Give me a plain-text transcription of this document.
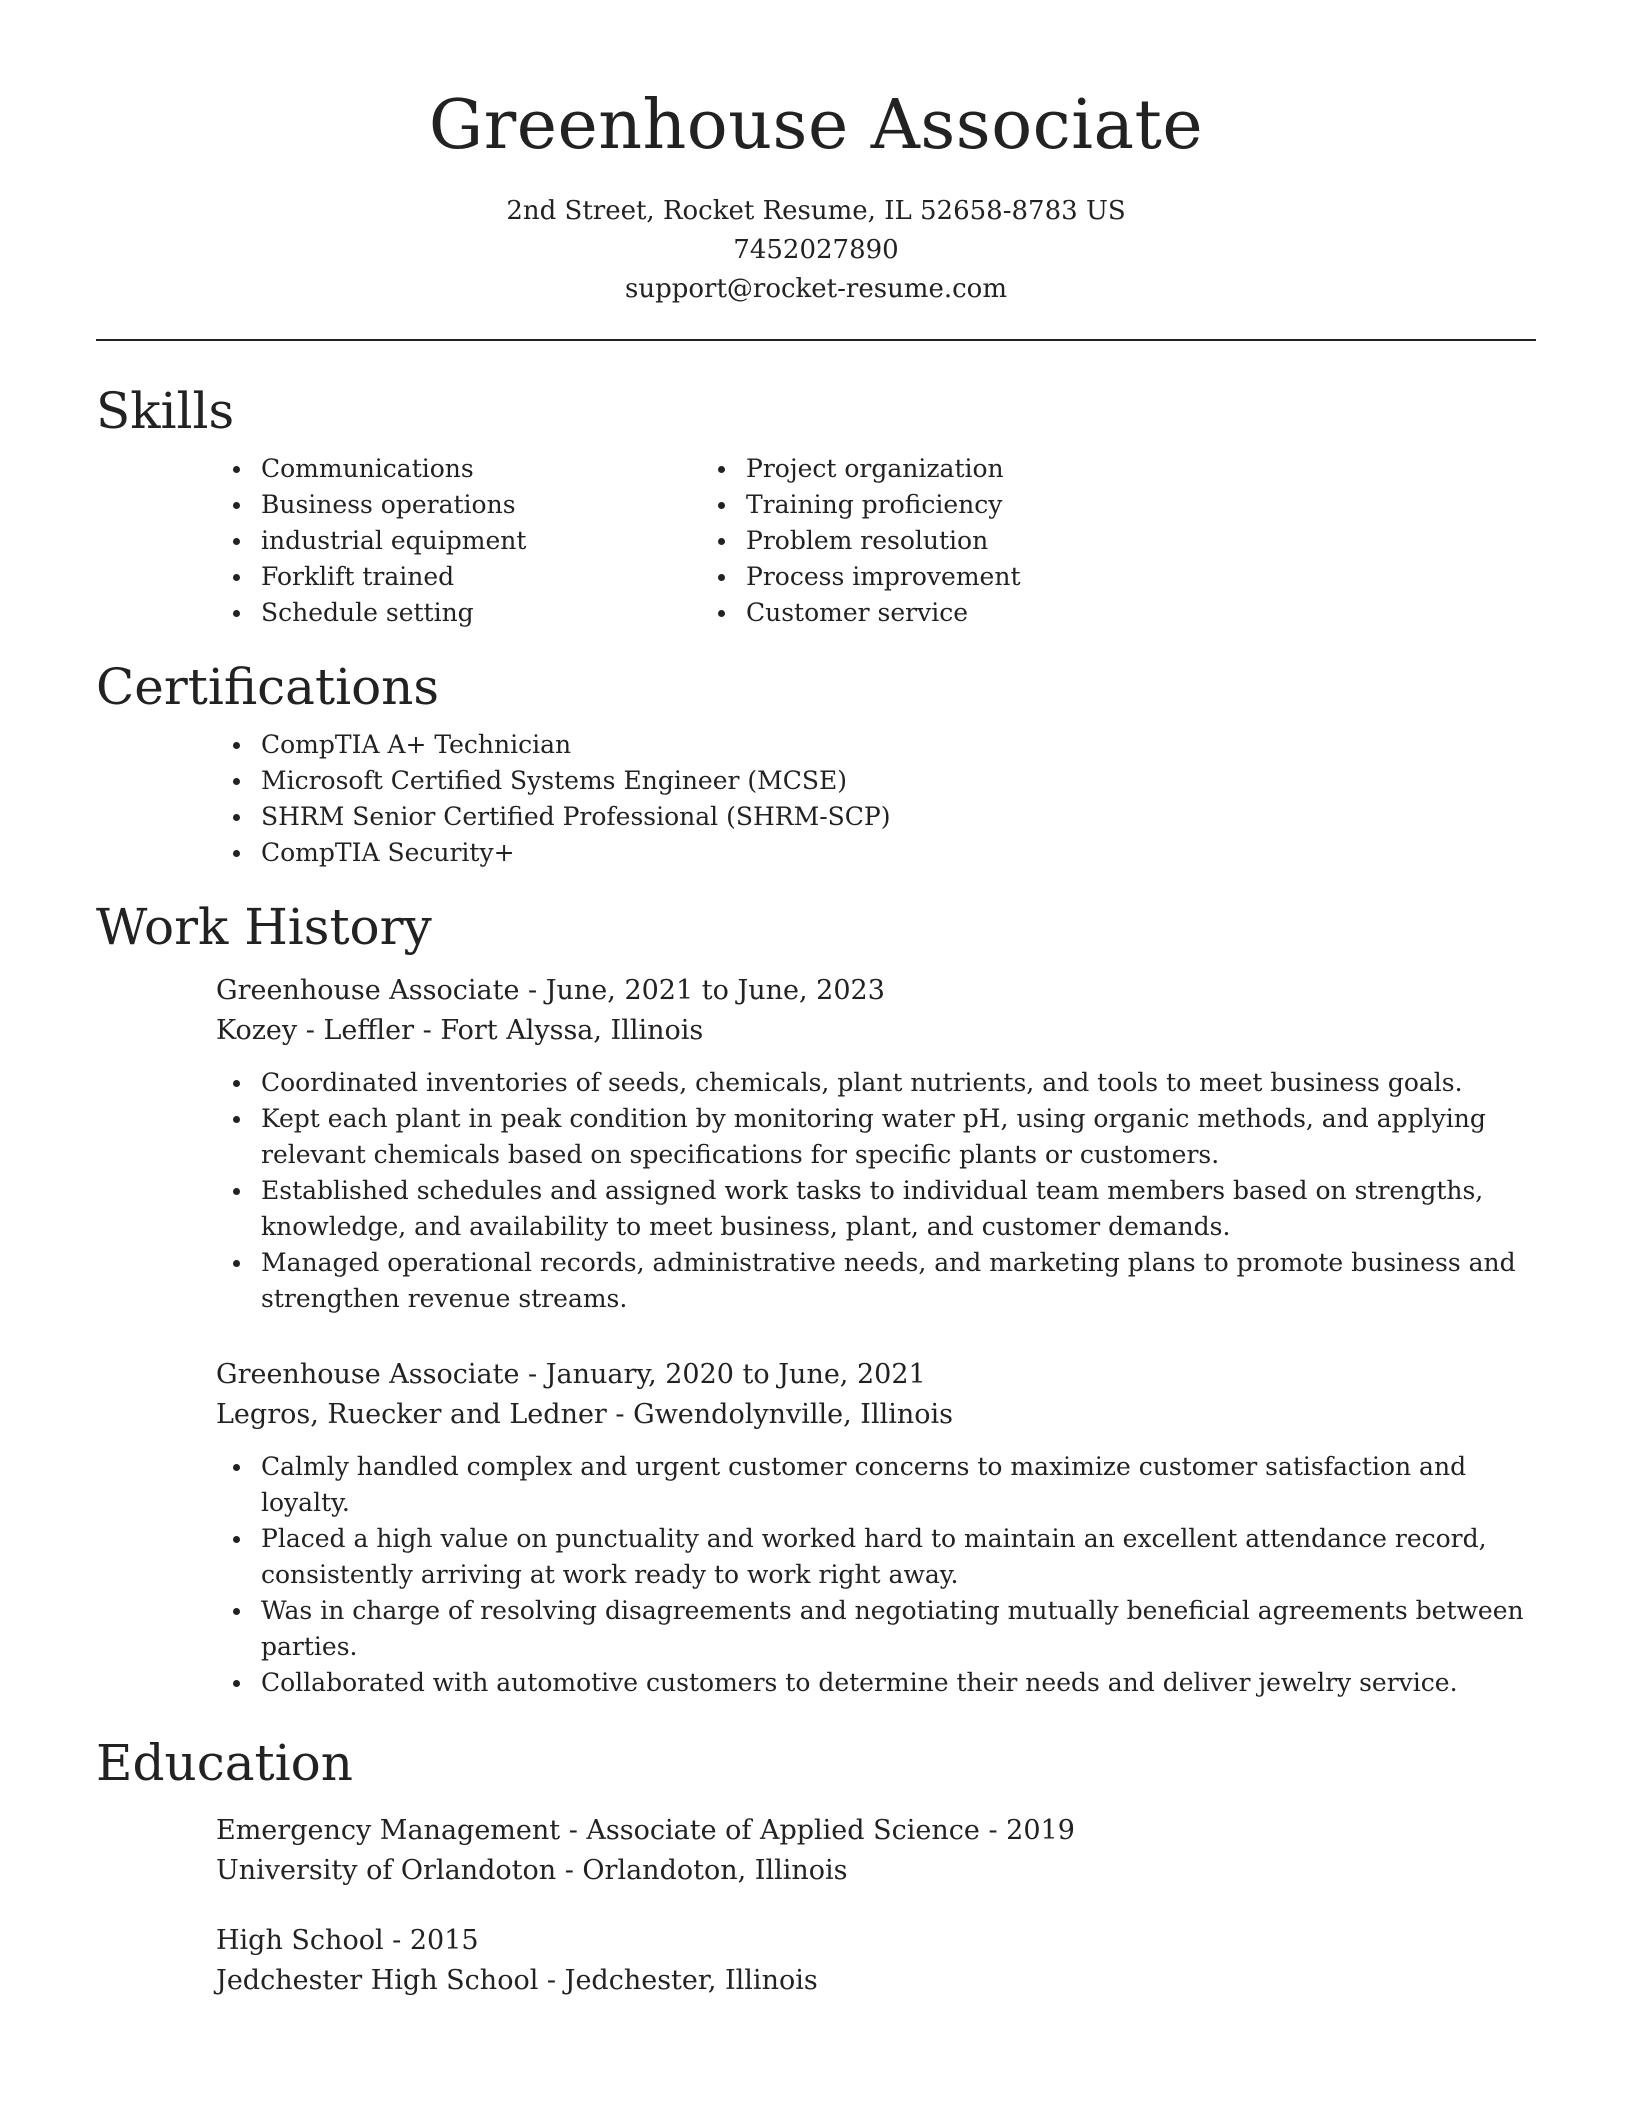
Greenhouse Associate
2nd Street, Rocket Resume, IL 52658-8783 US
7452027890
support@rocket-resume.com
Skills
Communications
Business operations
industrial equipment
Forklift trained
Schedule setting
Project organization
Training proficiency
Problem resolution
Process improvement
Customer service
Certifications
CompTIA A+ Technician
Microsoft Certified Systems Engineer (MCSE)
SHRM Senior Certified Professional (SHRM-SCP)
CompTIA Security+
Work History
Greenhouse Associate - June, 2021 to June, 2023
Kozey - Leffler - Fort Alyssa, Illinois
Coordinated inventories of seeds, chemicals, plant nutrients, and tools to meet business goals.
Kept each plant in peak condition by monitoring water pH, using organic methods, and applying relevant chemicals based on specifications for specific plants or customers.
Established schedules and assigned work tasks to individual team members based on strengths, knowledge, and availability to meet business, plant, and customer demands.
Managed operational records, administrative needs, and marketing plans to promote business and strengthen revenue streams.
Greenhouse Associate - January, 2020 to June, 2021
Legros, Ruecker and Ledner - Gwendolynville, Illinois
Calmly handled complex and urgent customer concerns to maximize customer satisfaction and loyalty.
Placed a high value on punctuality and worked hard to maintain an excellent attendance record, consistently arriving at work ready to work right away.
Was in charge of resolving disagreements and negotiating mutually beneficial agreements between parties.
Collaborated with automotive customers to determine their needs and deliver jewelry service.
Education
Emergency Management - Associate of Applied Science - 2019
University of Orlandoton - Orlandoton, Illinois
High School - 2015
Jedchester High School - Jedchester, Illinois
